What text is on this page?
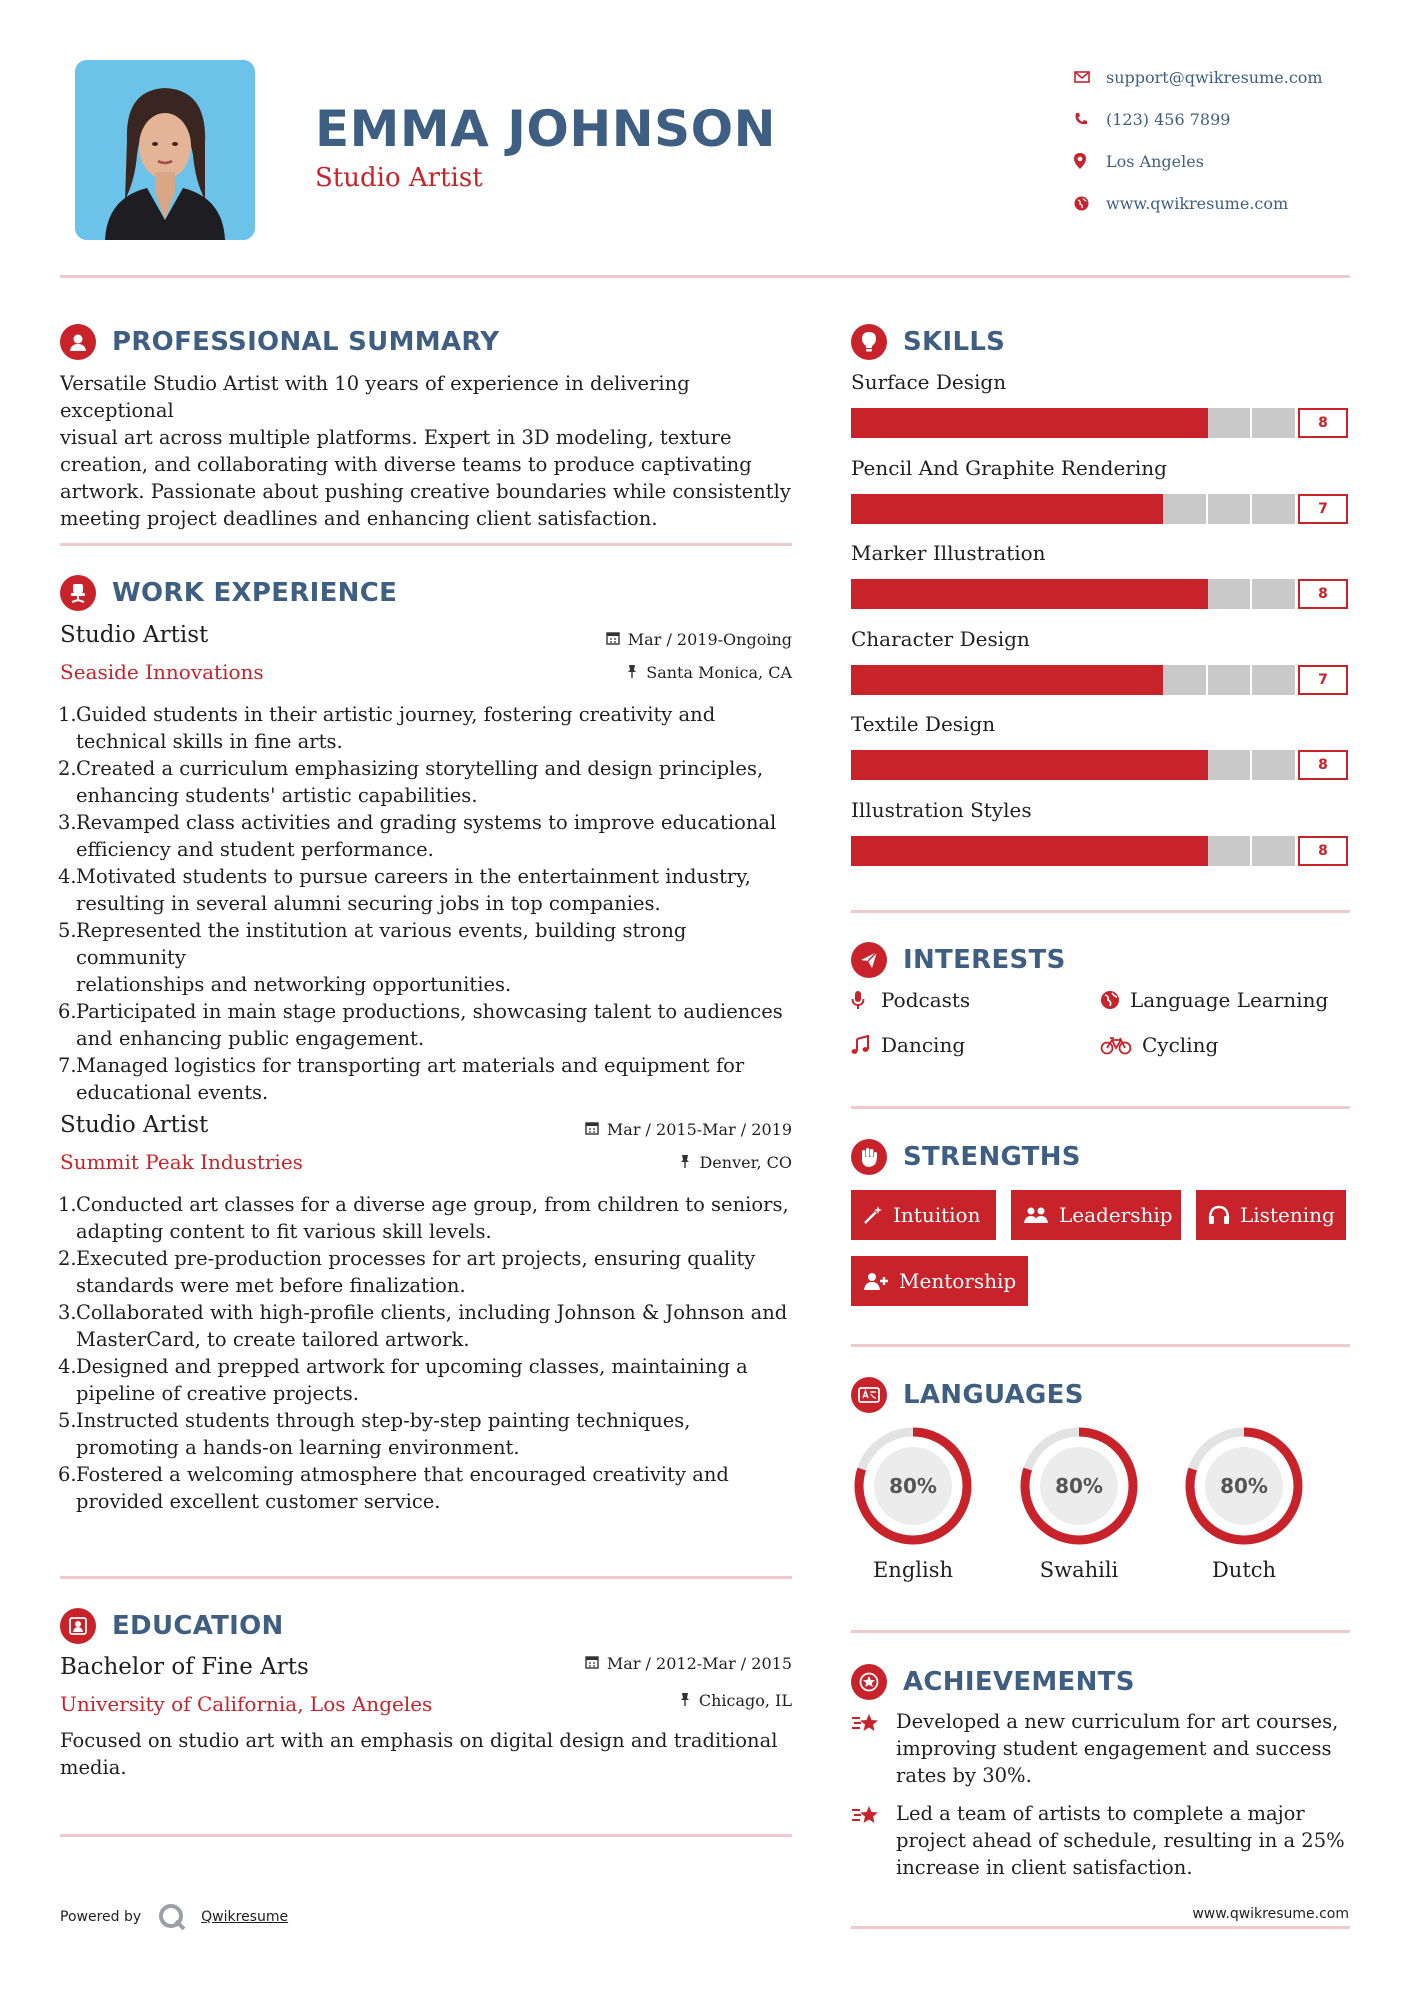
EMMA JOHNSON
Studio Artist
support@qwikresume.com
(123) 456 7899
Los Angeles
www.qwikresume.com
PROFESSIONAL SUMMARY
Versatile Studio Artist with 10 years of experience in delivering exceptional
visual art across multiple platforms. Expert in 3D modeling, texture
creation, and collaborating with diverse teams to produce captivating
artwork. Passionate about pushing creative boundaries while consistently
meeting project deadlines and enhancing client satisfaction.
WORK EXPERIENCE
Studio Artist
Seaside Innovations
Mar / 2019-Ongoing
Santa Monica, CA
1. Guided students in their artistic journey, fostering creativity and
technical skills in fine arts.
2. Created a curriculum emphasizing storytelling and design principles,
enhancing students' artistic capabilities.
3. Revamped class activities and grading systems to improve educational
efficiency and student performance.
4. Motivated students to pursue careers in the entertainment industry,
resulting in several alumni securing jobs in top companies.
5. Represented the institution at various events, building strong community
relationships and networking opportunities.
6. Participated in main stage productions, showcasing talent to audiences
and enhancing public engagement.
7. Managed logistics for transporting art materials and equipment for
educational events.
Studio Artist
Summit Peak Industries
Mar / 2015-Mar / 2019
Denver, CO
1. Conducted art classes for a diverse age group, from children to seniors,
adapting content to fit various skill levels.
2. Executed pre-production processes for art projects, ensuring quality
standards were met before finalization.
3. Collaborated with high-profile clients, including Johnson & Johnson and
MasterCard, to create tailored artwork.
4. Designed and prepped artwork for upcoming classes, maintaining a
pipeline of creative projects.
5. Instructed students through step-by-step painting techniques,
promoting a hands-on learning environment.
6. Fostered a welcoming atmosphere that encouraged creativity and
provided excellent customer service.
EDUCATION
Bachelor of Fine Arts
University of California, Los Angeles
Mar / 2012-Mar / 2015
Chicago, IL
Focused on studio art with an emphasis on digital design and traditional
media.
Powered by	Qwikresume
SKILLS
Surface Design
8
Pencil And Graphite Rendering
7
Marker Illustration
8
Character Design
7
Textile Design
8
Illustration Styles
8
INTERESTS
Podcasts	Language Learning
Dancing	Cycling
STRENGTHS
Intuition	Leadership	Listening
Mentorship
LANGUAGES
80%
English
80%
Swahili
80%
Dutch
ACHIEVEMENTS
Developed a new curriculum for art courses,
improving student engagement and success
rates by 30%.
Led a team of artists to complete a major
project ahead of schedule, resulting in a 25%
increase in client satisfaction.
www.qwikresume.com
